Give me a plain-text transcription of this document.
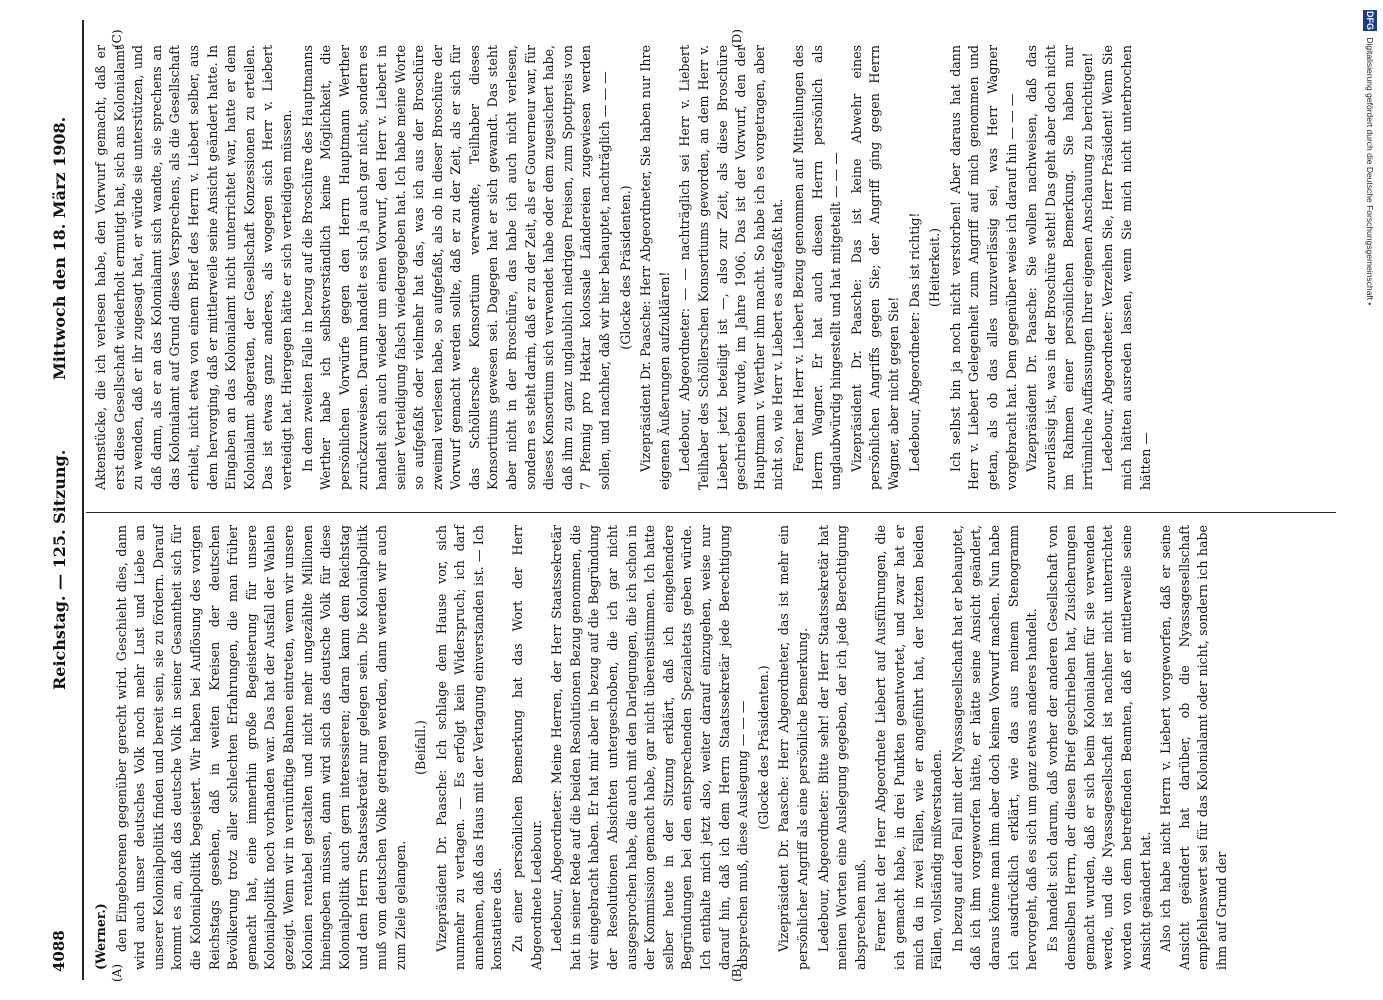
4088
Reichstag. — 125. Sitzung.
Mittwoch den 18. März 1908.
(A)	(B)
(C)	(D)

(Werner.) den Eingeborenen gegenüber gerecht wird. Geschieht dies, dann wird auch unser deutsches Volk noch mehr Lust und Liebe an unserer Kolonialpolitik finden und bereit sein, sie zu fördern. Darauf kommt es an, daß das deutsche Volk in seiner Gesamtheit sich für die Kolonialpolitik begeistert. Wir haben bei Auflösung des vorigen Reichstags gesehen, daß in weiten Kreisen der deutschen Bevölkerung trotz aller schlechten Erfahrungen, die man früher gemacht hat, eine immerhin große Begeisterung für unsere Kolonialpolitik noch vorhanden war. Das hat der Ausfall der Wahlen gezeigt. Wenn wir in vernünftige Bahnen eintreten, wenn wir unsere Kolonien rentabel gestalten und nicht mehr ungezählte Millionen hineingeben müssen, dann wird sich das deutsche Volk für diese Kolonialpolitik auch gern interessieren; daran kann dem Reichstag und dem Herrn Staatssekretär nur gelegen sein. Die Kolonialpolitik muß vom deutschen Volke getragen werden, dann werden wir auch zum Ziele gelangen.

(Beifall.) Vizepräsident Dr. Paasche: Ich schlage dem Hause vor, sich nunmehr zu vertagen. — Es erfolgt kein Widerspruch; ich darf annehmen, daß das Haus mit der Vertagung einverstanden ist. — Ich konstatiere das. Zu einer persönlichen Bemerkung hat das Wort der Herr Abgeordnete Ledebour. Ledebour, Abgeordneter: Meine Herren, der Herr Staatssekretär hat in seiner Rede auf die beiden Resolutionen Bezug genommen, die wir eingebracht haben. Er hat mir aber in bezug auf die Begründung der Resolutionen Absichten untergeschoben, die ich gar nicht ausgesprochen habe, die auch mit den Darlegungen, die ich schon in der Kommission gemacht habe, gar nicht übereinstimmen. Ich hatte selber heute in der Sitzung erklärt, daß ich eingehendere Begründungen bei den entsprechenden Spezialetats geben würde. Ich enthalte mich jetzt also, weiter darauf einzugehen, weise nur darauf hin, daß ich dem Herrn Staatssekretär jede Berechtigung absprechen muß, diese Auslegung — — — (Glocke des Präsidenten.) Vizepräsident Dr. Paasche: Herr Abgeordneter, das ist mehr ein persönlicher Angriff als eine persönliche Bemerkung. Ledebour, Abgeordneter: Bitte sehr! der Herr Staatssekretär hat meinen Worten eine Auslegung gegeben, der ich jede Berechtigung absprechen muß. Ferner hat der Herr Abgeordnete Liebert auf Ausführungen, die ich gemacht habe, in drei Punkten geantwortet, und zwar hat er mich da in zwei Fällen, wie er angeführt hat, der letzten beiden Fällen, vollständig mißverstanden. In bezug auf den Fall mit der Nyassagesellschaft hat er behauptet, daß ich ihm vorgeworfen hätte, er hätte seine Ansicht geändert, daraus könne man ihm aber doch keinen Vorwurf machen. Nun habe ich ausdrücklich erklärt, wie das aus meinem Stenogramm hervorgeht, daß es sich um ganz etwas anderes handelt. Es handelt sich darum, daß vorher der anderen Gesellschaft von demselben Herrn, der diesen Brief geschrieben hat, Zusicherungen gemacht wurden, daß er sich beim Kolonialamt für sie verwenden werde, und die Nyassagesellschaft ist nachher nicht unterrichtet worden von dem betreffenden Beamten, daß er mittlerweile seine Ansicht geändert hat. Also ich habe nicht Herrn v. Liebert vorgeworfen, daß er seine Ansicht geändert hat darüber, ob die Nyassagesellschaft empfehlenswert sei für das Kolonialamt oder nicht, sondern ich habe ihm auf Grund der

Aktenstücke, die ich verlesen habe, den Vorwurf gemacht, daß er erst diese Gesellschaft wiederholt ermutigt hat, sich ans Kolonialamt zu wenden, daß er ihr zugesagt hat, er würde sie unterstützen, und daß dann, als er an das Kolonialamt sich wandte, sie sprechens an das Kolonialamt auf Grund dieses Versprechens, als die Gesellschaft erhielt, nicht etwa von einem Brief des Herrn v. Liebert selber, aus dem hervorging, daß er mittlerweile seine Ansicht geändert hatte. In Eingaben an das Kolonialamt nicht unterrichtet war, hatte er dem Kolonialamt abgeraten, der Gesellschaft Konzessionen zu erteilen. Das ist etwas ganz anderes, als wogegen sich Herr v. Liebert verteidigt hat. Hiergegen hätte er sich verteidigen müssen. In dem zweiten Falle in bezug auf die Broschüre des Hauptmanns Werther habe ich selbstverständlich keine Möglichkeit, die persönlichen Vorwürfe gegen den Herrn Hauptmann Werther zurückzuweisen. Darum handelt es sich ja auch gar nicht, sondern es handelt sich auch wieder um einen Vorwurf, den Herr v. Liebert in seiner Verteidigung falsch wiedergegeben hat. Ich habe meine Worte so aufgefaßt oder vielmehr hat das, was ich aus der Broschüre zweimal verlesen habe, so aufgefaßt, als ob in dieser Broschüre der Vorwurf gemacht werden sollte, daß er zu der Zeit, als er sich für das Schöllersche Konsortium verwandte, Teilhaber dieses Konsortiums gewesen sei. Dagegen hat er sich gewandt. Das steht aber nicht in der Broschüre, das habe ich auch nicht verlesen, sondern es steht darin, daß er zu der Zeit, als er Gouverneur war, für dieses Konsortium sich verwendet habe oder dem zugesichert habe, daß ihm zu ganz unglaublich niedrigen Preisen, zum Spottpreis von 7 Pfennig pro Hektar kolossale Ländereien zugewiesen werden sollen, und nachher, daß wir hier behauptet, nachträglich — — — (Glocke des Präsidenten.) Vizepräsident Dr. Paasche: Herr Abgeordneter, Sie haben nur Ihre eigenen Äußerungen aufzuklären! Ledebour, Abgeordneter: — — nachträglich sei Herr v. Liebert Teilhaber des Schöllerschen Konsortiums geworden, an dem Herr v. Liebert jetzt beteiligt ist —, also zur Zeit, als diese Broschüre geschrieben wurde, im Jahre 1906. Das ist der Vorwurf, den der Hauptmann v. Werther ihm macht. So habe ich es vorgetragen, aber nicht so, wie Herr v. Liebert es aufgefaßt hat. Ferner hat Herr v. Liebert Bezug genommen auf Mitteilungen des Herrn Wagner. Er hat auch diesen Herrn persönlich als unglaubwürdig hingestellt und hat mitgeteilt — — — Vizepräsident Dr. Paasche: Das ist keine Abwehr eines persönlichen Angriffs gegen Sie; der Angriff ging gegen Herrn Wagner, aber nicht gegen Sie! Ledebour, Abgeordneter: Das ist richtig! (Heiterkeit.) Ich selbst bin ja noch nicht verstorben! Aber daraus hat dann Herr v. Liebert Gelegenheit zum Angriff auf mich genommen und getan, als ob das alles unzuverlässig sei, was Herr Wagner vorgebracht hat. Dem gegenüber weise ich darauf hin — — — Vizepräsident Dr. Paasche: Sie wollen nachweisen, daß das zuverlässig ist, was in der Broschüre steht! Das geht aber doch nicht im Rahmen einer persönlichen Bemerkung. Sie haben nur irrtümliche Auffassungen Ihrer eigenen Anschauung zu berichtigen! Ledebour, Abgeordneter: Verzeihen Sie, Herr Präsident! Wenn Sie mich hätten ausreden lassen, wenn Sie mich nicht unterbrochen hätten —

DFG Digitalisierung gefördert durch die Deutsche Forschungsgemeinschaft •
